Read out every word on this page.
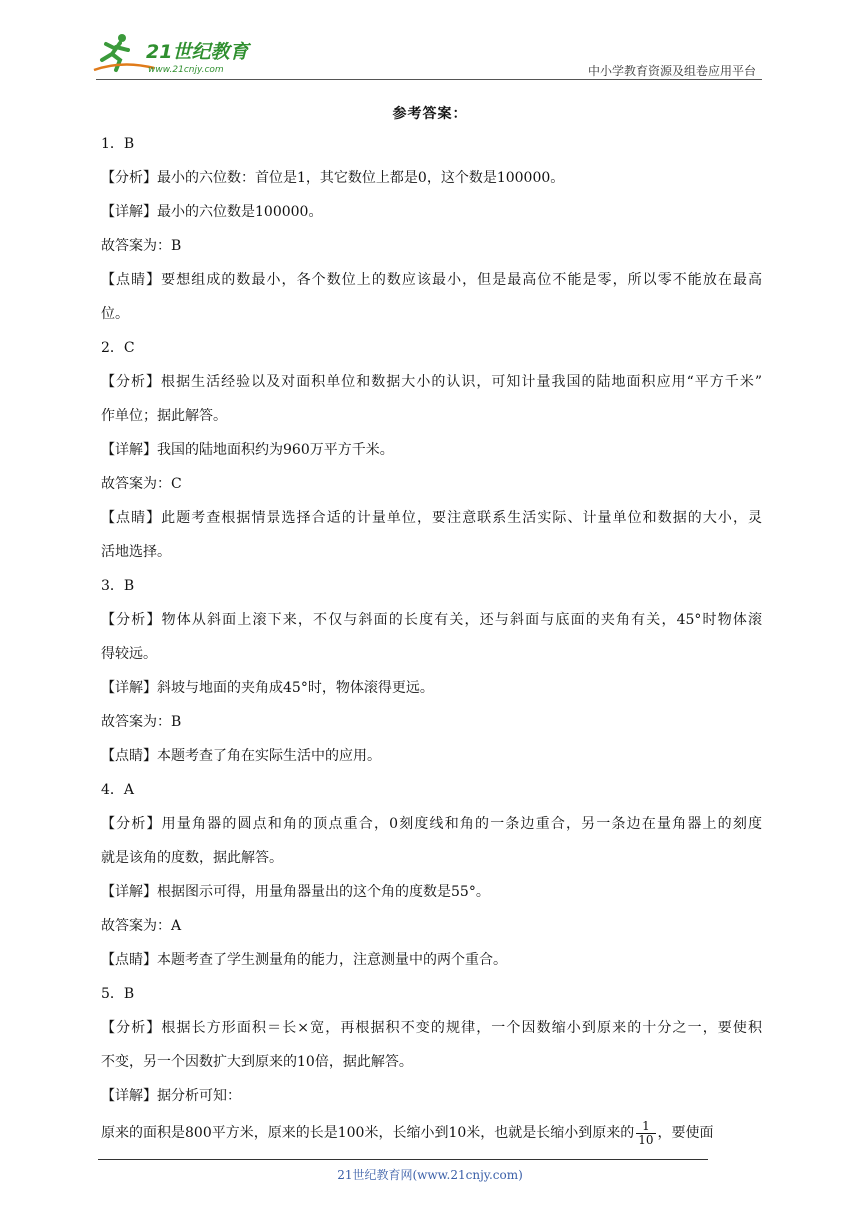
21世纪教育
www.21cnjy.com	中小学教育资源及组卷应用平台
参考答案：
1．B
【分析】最小的六位数：首位是1，其它数位上都是0，这个数是100000。
【详解】最小的六位数是100000。
故答案为：B
【点睛】要想组成的数最小，各个数位上的数应该最小，但是最高位不能是零，所以零不能放在最高
位。
2．C
【分析】根据生活经验以及对面积单位和数据大小的认识，可知计量我国的陆地面积应用“平方千米”
作单位；据此解答。
【详解】我国的陆地面积约为960万平方千米。
故答案为：C
【点睛】此题考查根据情景选择合适的计量单位，要注意联系生活实际、计量单位和数据的大小，灵
活地选择。
3．B
【分析】物体从斜面上滚下来，不仅与斜面的长度有关，还与斜面与底面的夹角有关，45°时物体滚
得较远。
【详解】斜坡与地面的夹角成45°时，物体滚得更远。
故答案为：B
【点睛】本题考查了角在实际生活中的应用。
4．A
【分析】用量角器的圆点和角的顶点重合，0刻度线和角的一条边重合，另一条边在量角器上的刻度
就是该角的度数，据此解答。
【详解】根据图示可得，用量角器量出的这个角的度数是55°。
故答案为：A
【点睛】本题考查了学生测量角的能力，注意测量中的两个重合。
5．B
【分析】根据长方形面积＝长×宽，再根据积不变的规律，一个因数缩小到原来的十分之一，要使积
不变，另一个因数扩大到原来的10倍，据此解答。
【详解】据分析可知：
原来的面积是800平方米，原来的长是100米，长缩小到10米，也就是长缩小到原来的 $\frac{1}{10}$ ，要使面
21世纪教育网(www.21cnjy.com)
